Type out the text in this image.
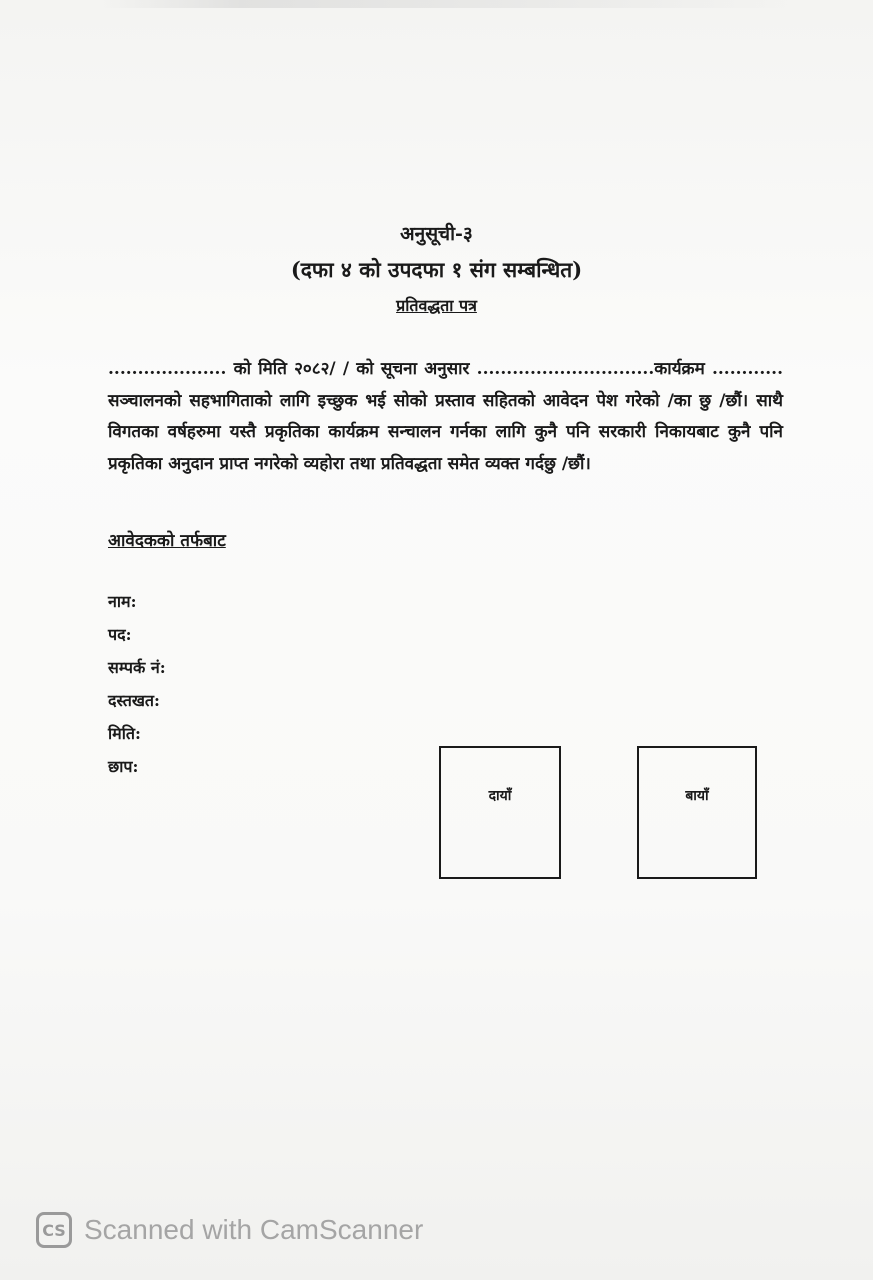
अनुसूची-३
(दफा ४ को उपदफा १ संग सम्बन्धित)
प्रतिवद्धता पत्र
.................... को मिति २०८२/ / को सूचना अनुसार ..............................कार्यक्रम ............ सञ्चालनको सहभागिताको लागि इच्छुक भई सोको प्रस्ताव सहितको आवेदन पेश गरेको /का छु /छौं। साथै विगतका वर्षहरुमा यस्तै प्रकृतिका कार्यक्रम सन्चालन गर्नका लागि कुनै पनि सरकारी निकायबाट कुनै पनि प्रकृतिका अनुदान प्राप्त नगरेको व्यहोरा तथा प्रतिवद्धता समेत व्यक्त गर्दछु /छौं।
आवेदकको तर्फबाट
नाम:
पद:
सम्पर्क नं:
दस्तखत:
मिति:
छाप:
दायाँ	बायाँ
CS Scanned with CamScanner
